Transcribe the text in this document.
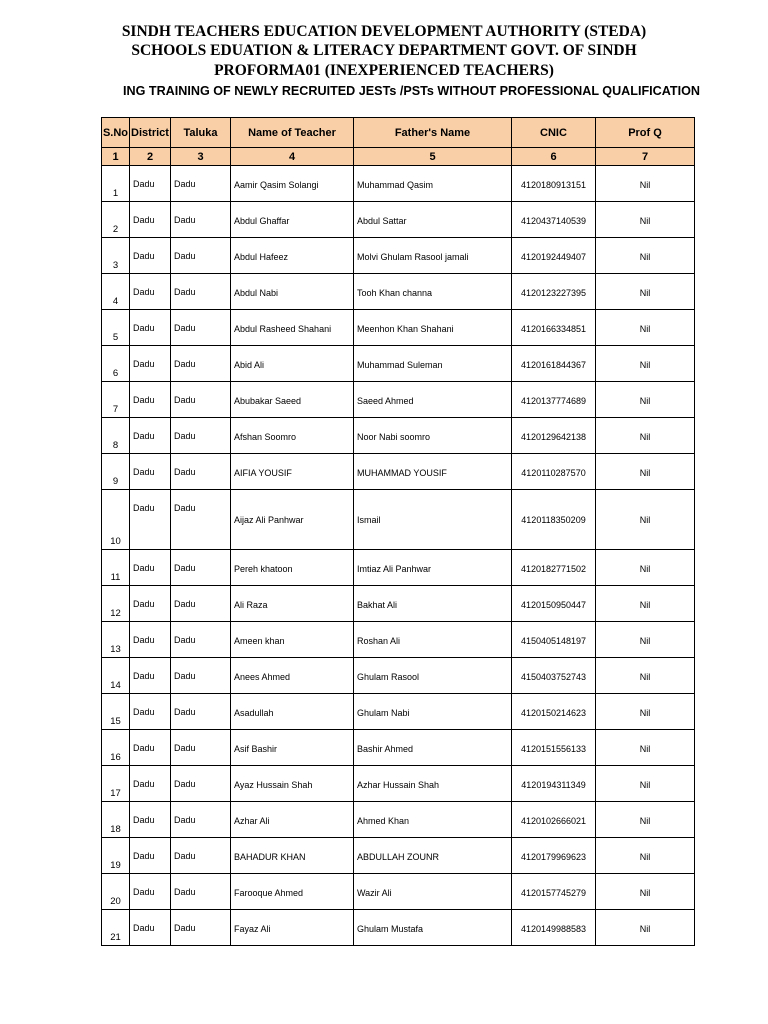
SINDH TEACHERS EDUCATION DEVELOPMENT AUTHORITY (STEDA)
SCHOOLS EDUATION & LITERACY DEPARTMENT GOVT. OF SINDH
PROFORMA01 (INEXPERIENCED TEACHERS)
ING TRAINING OF NEWLY RECRUITED JESTs /PSTs WITHOUT PROFESSIONAL QUALIFICATION
S.No	District	Taluka	Name of Teacher	Father's Name	CNIC	Prof Q
1	2	3	4	5	6	7
1	Dadu	Dadu	Aamir Qasim Solangi	Muhammad Qasim	4120180913151	Nil
2	Dadu	Dadu	Abdul Ghaffar	Abdul Sattar	4120437140539	Nil
3	Dadu	Dadu	Abdul Hafeez	Molvi Ghulam Rasool jamali	4120192449407	Nil
4	Dadu	Dadu	Abdul Nabi	Tooh Khan channa	4120123227395	Nil
5	Dadu	Dadu	Abdul Rasheed Shahani	Meenhon Khan Shahani	4120166334851	Nil
6	Dadu	Dadu	Abid Ali	Muhammad Suleman	4120161844367	Nil
7	Dadu	Dadu	Abubakar Saeed	Saeed Ahmed	4120137774689	Nil
8	Dadu	Dadu	Afshan Soomro	Noor Nabi soomro	4120129642138	Nil
9	Dadu	Dadu	AIFIA YOUSIF	MUHAMMAD YOUSIF	4120110287570	Nil
10	Dadu	Dadu	Aijaz Ali Panhwar	Ismail	4120118350209	Nil
11	Dadu	Dadu	Pereh khatoon	Imtiaz Ali Panhwar	4120182771502	Nil
12	Dadu	Dadu	Ali Raza	Bakhat Ali	4120150950447	Nil
13	Dadu	Dadu	Ameen khan	Roshan Ali	4150405148197	Nil
14	Dadu	Dadu	Anees Ahmed	Ghulam Rasool	4150403752743	Nil
15	Dadu	Dadu	Asadullah	Ghulam Nabi	4120150214623	Nil
16	Dadu	Dadu	Asif Bashir	Bashir Ahmed	4120151556133	Nil
17	Dadu	Dadu	Ayaz Hussain Shah	Azhar Hussain Shah	4120194311349	Nil
18	Dadu	Dadu	Azhar Ali	Ahmed Khan	4120102666021	Nil
19	Dadu	Dadu	BAHADUR KHAN	ABDULLAH ZOUNR	4120179969623	Nil
20	Dadu	Dadu	Farooque Ahmed	Wazir Ali	4120157745279	Nil
21	Dadu	Dadu	Fayaz Ali	Ghulam Mustafa	4120149988583	Nil
